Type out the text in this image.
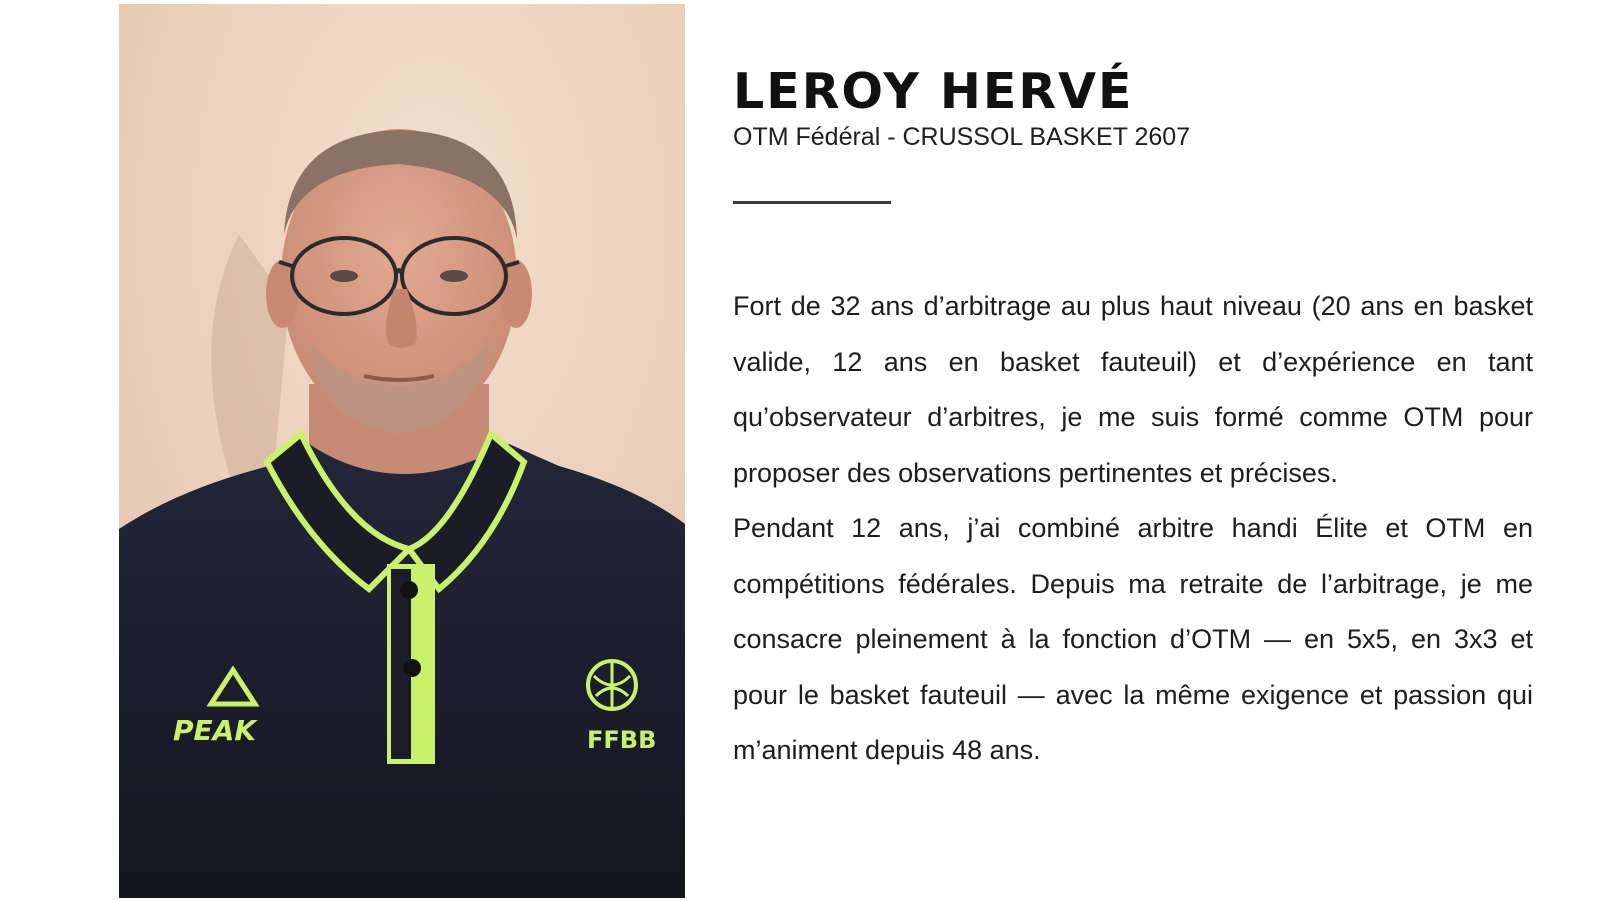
PEAK	FFBB
LEROY HERVÉ
OTM Fédéral - CRUSSOL BASKET 2607

Fort de 32 ans d’arbitrage au plus haut niveau (20 ans en basket valide, 12 ans en basket fauteuil) et d’expérience en tant qu’observateur d’arbitres, je me suis formé comme OTM pour proposer des observations pertinentes et précises.

Pendant 12 ans, j’ai combiné arbitre handi Élite et OTM en compétitions fédérales. Depuis ma retraite de l’arbitrage, je me consacre pleinement à la fonction d’OTM — en 5x5, en 3x3 et pour le basket fauteuil — avec la même exigence et passion qui m’animent depuis 48 ans.
